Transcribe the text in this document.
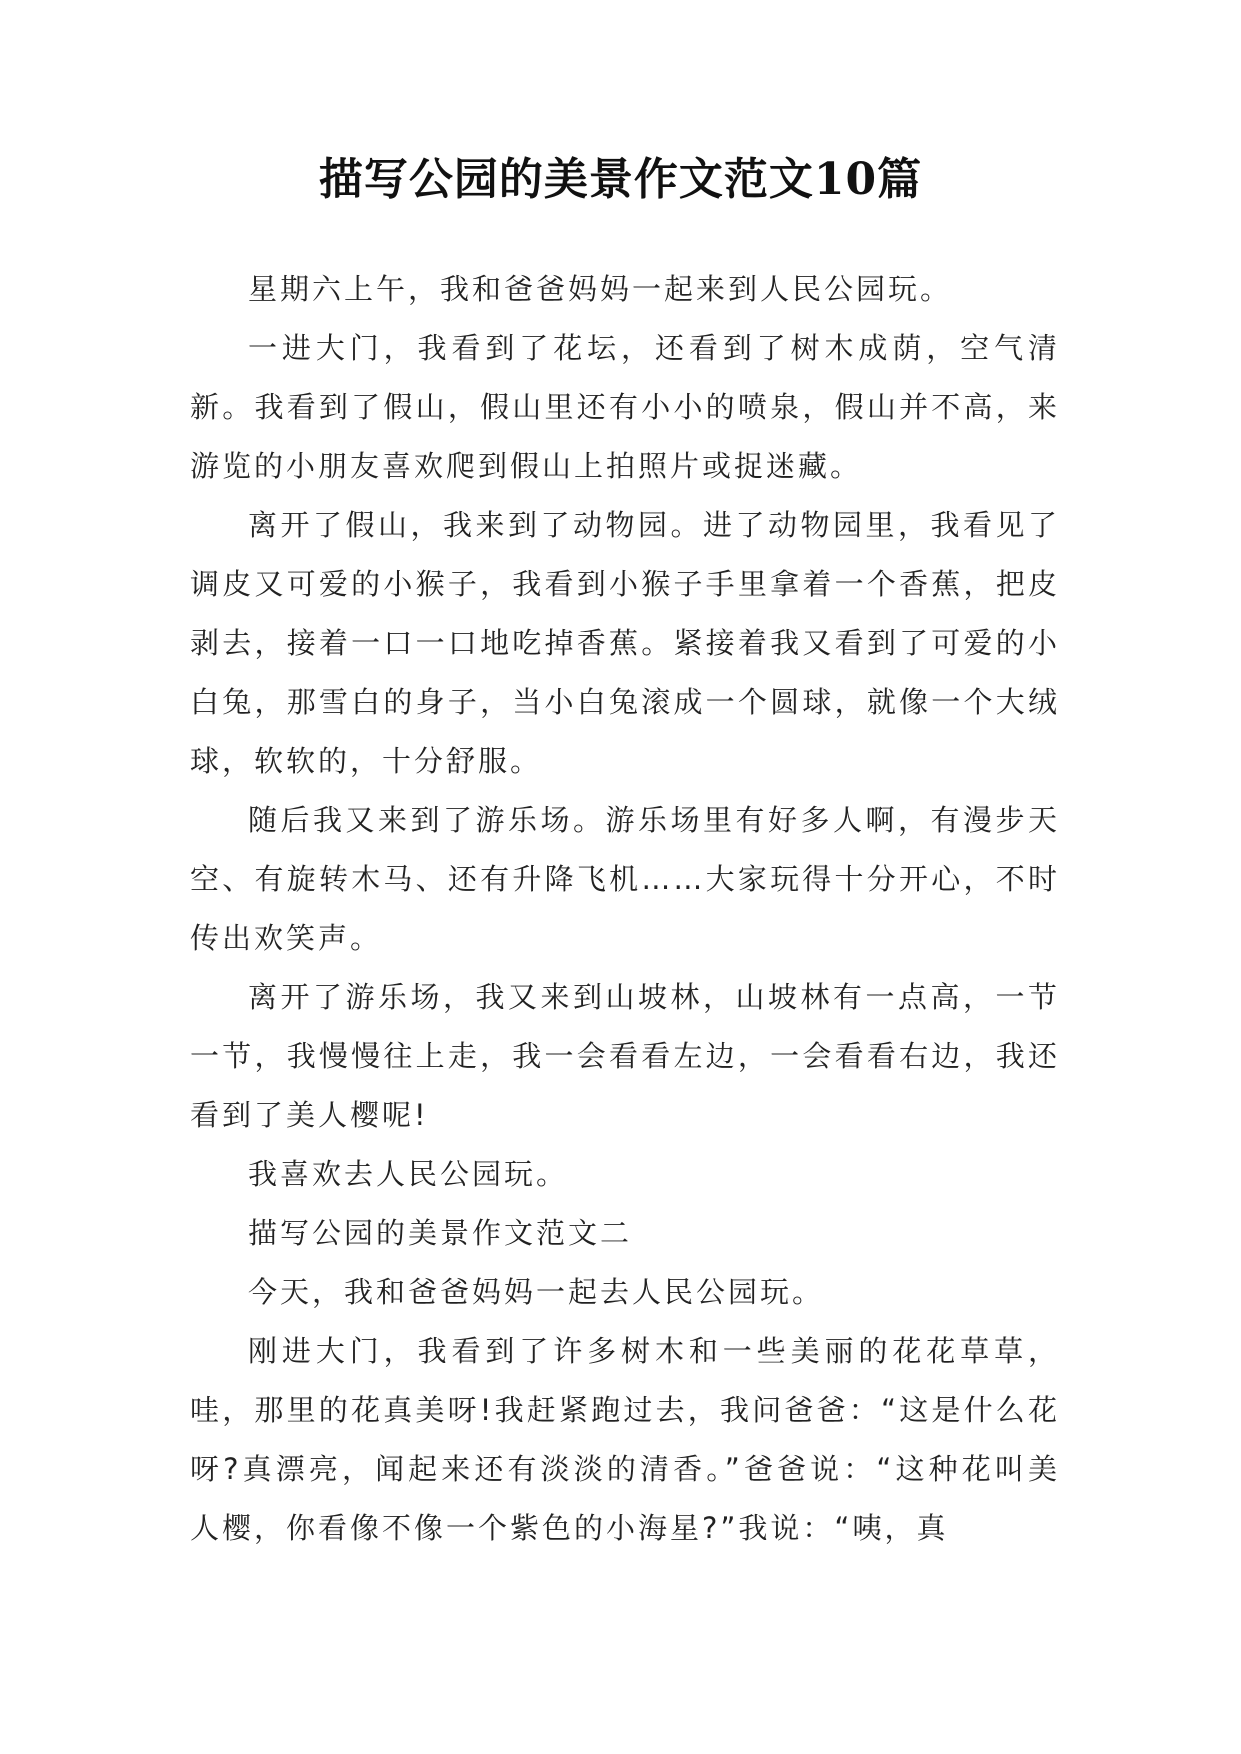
描写公园的美景作文范文10篇

星期六上午，我和爸爸妈妈一起来到人民公园玩。

一进大门，我看到了花坛，还看到了树木成荫，空气清新。我看到了假山，假山里还有小小的喷泉，假山并不高，来游览的小朋友喜欢爬到假山上拍照片或捉迷藏。

离开了假山，我来到了动物园。进了动物园里，我看见了调皮又可爱的小猴子，我看到小猴子手里拿着一个香蕉，把皮剥去，接着一口一口地吃掉香蕉。紧接着我又看到了可爱的小白兔，那雪白的身子，当小白兔滚成一个圆球，就像一个大绒球，软软的，十分舒服。

随后我又来到了游乐场。游乐场里有好多人啊，有漫步天空、有旋转木马、还有升降飞机……大家玩得十分开心，不时传出欢笑声。

离开了游乐场，我又来到山坡林，山坡林有一点高，一节一节，我慢慢往上走，我一会看看左边，一会看看右边，我还看到了美人樱呢!

我喜欢去人民公园玩。

描写公园的美景作文范文二

今天，我和爸爸妈妈一起去人民公园玩。

刚进大门，我看到了许多树木和一些美丽的花花草草，哇，那里的花真美呀!我赶紧跑过去，我问爸爸：“这是什么花呀?真漂亮，闻起来还有淡淡的清香。”爸爸说：“这种花叫美人樱，你看像不像一个紫色的小海星?”我说：“咦，真
